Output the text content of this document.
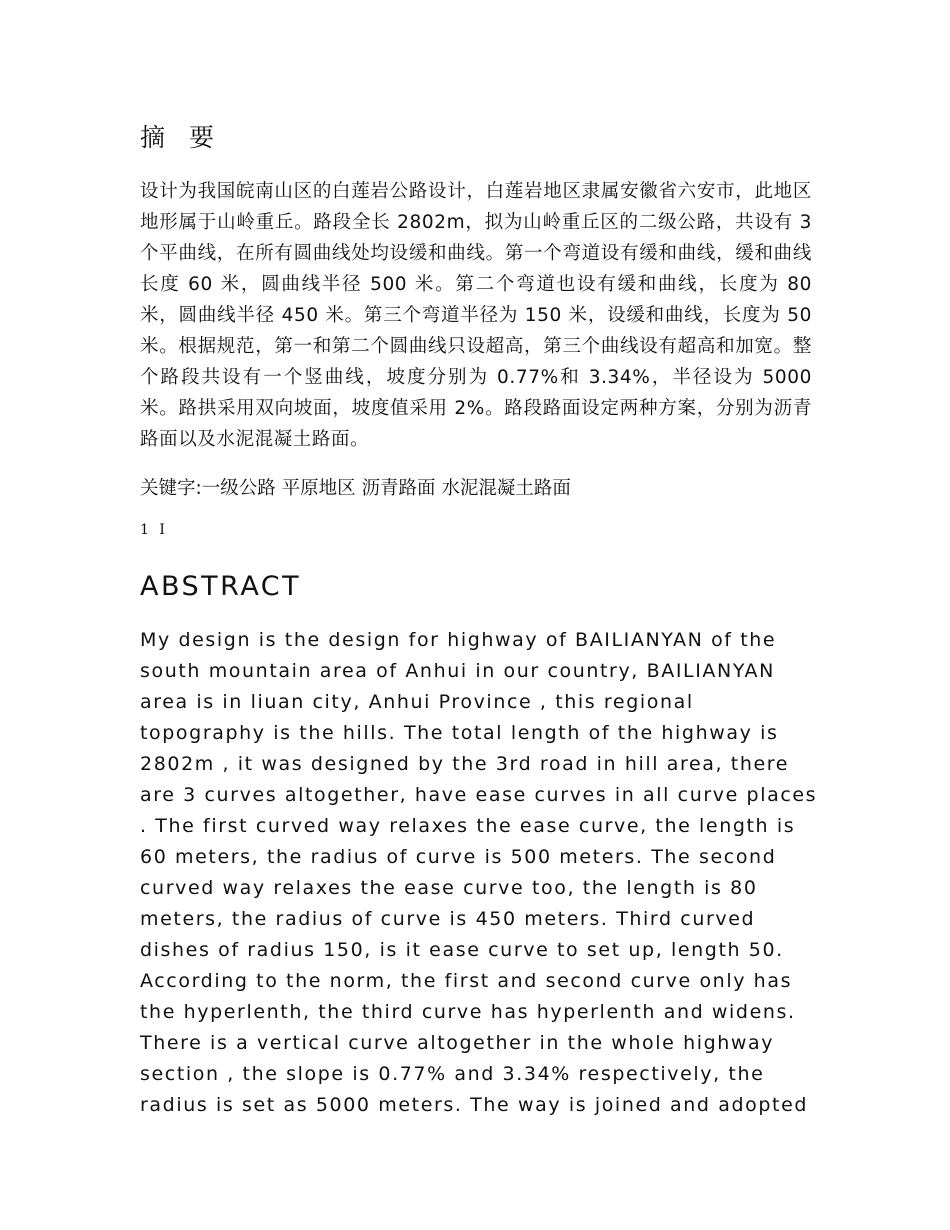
摘 要

设计为我国皖南山区的白莲岩公路设计，白莲岩地区隶属安徽省六安市，此地区地形属于山岭重丘。路段全长 2802m，拟为山岭重丘区的二级公路，共设有 3 个平曲线，在所有圆曲线处均设缓和曲线。第一个弯道设有缓和曲线，缓和曲线长度 60 米，圆曲线半径 500 米。第二个弯道也设有缓和曲线，长度为 80 米，圆曲线半径 450 米。第三个弯道半径为 150 米，设缓和曲线，长度为 50 米。根据规范，第一和第二个圆曲线只设超高，第三个曲线设有超高和加宽。整个路段共设有一个竖曲线，坡度分别为 0.77%和 3.34%，半径设为 5000 米。路拱采用双向坡面，坡度值采用 2%。路段路面设定两种方案，分别为沥青路面以及水泥混凝土路面。

关键字:一级公路 平原地区 沥青路面 水泥混凝土路面

1 I

ABSTRACT

My design is the design for highway of BAILIANYAN of the
south mountain area of Anhui in our country, BAILIANYAN
area is in liuan city, Anhui Province , this regional
topography is the hills. The total length of the highway is
2802m , it was designed by the 3rd road in hill area, there
are 3 curves altogether, have ease curves in all curve places
. The first curved way relaxes the ease curve, the length is
60 meters, the radius of curve is 500 meters. The second
curved way relaxes the ease curve too, the length is 80
meters, the radius of curve is 450 meters. Third curved
dishes of radius 150, is it ease curve to set up, length 50.
According to the norm, the first and second curve only has
the hyperlenth, the third curve has hyperlenth and widens.
There is a vertical curve altogether in the whole highway
section , the slope is 0.77% and 3.34% respectively, the
radius is set as 5000 meters. The way is joined and adopted
